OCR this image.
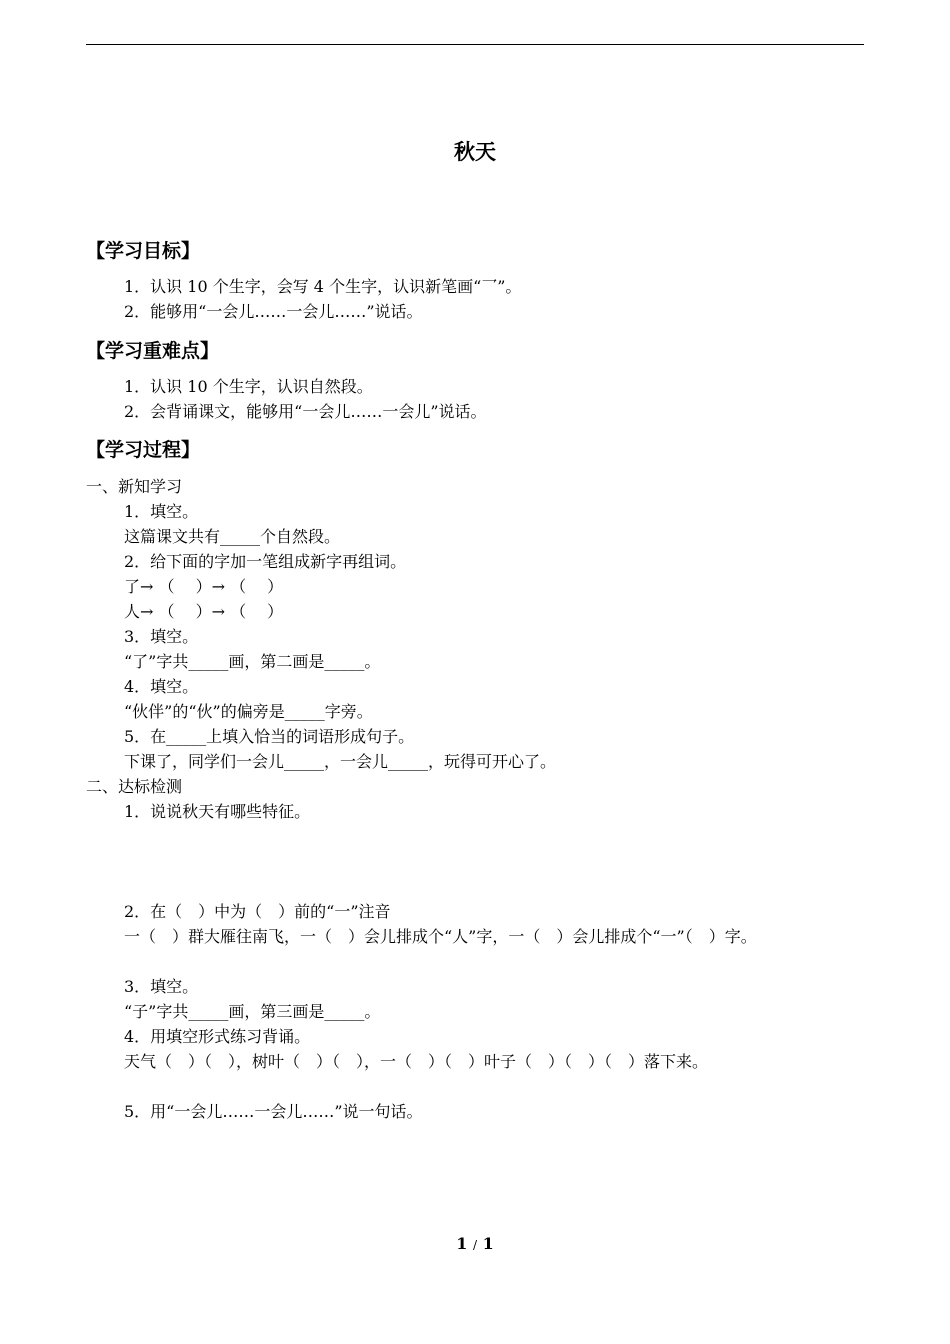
秋天
【学习目标】
1．认识 10 个生字，会写 4 个生字，认识新笔画“乛”。
2．能够用“一会儿……一会儿……”说话。
【学习重难点】
1．认识 10 个生字，认识自然段。
2．会背诵课文，能够用“一会儿……一会儿”说话。
【学习过程】
一、新知学习
1．填空。
这篇课文共有_____个自然段。
2．给下面的字加一笔组成新字再组词。
了→ （　 ）→ （　 ）
人→ （　 ）→ （　 ）
3．填空。
“了”字共_____画，第二画是_____。
4．填空。
“伙伴”的“伙”的偏旁是_____字旁。
5．在_____上填入恰当的词语形成句子。
下课了，同学们一会儿_____，一会儿_____，玩得可开心了。
二、达标检测
1．说说秋天有哪些特征。
2．在（　）中为（　）前的“一”注音
一（　）群大雁往南飞，一（　）会儿排成个“人”字，一（　）会儿排成个“一”（　）字。
3．填空。
“子”字共_____画，第三画是_____。
4．用填空形式练习背诵。
天气（　）（　），树叶（　）（　），一（　）（　）叶子（　）（　）（　）落下来。
5．用“一会儿……一会儿……”说一句话。
1 / 1
